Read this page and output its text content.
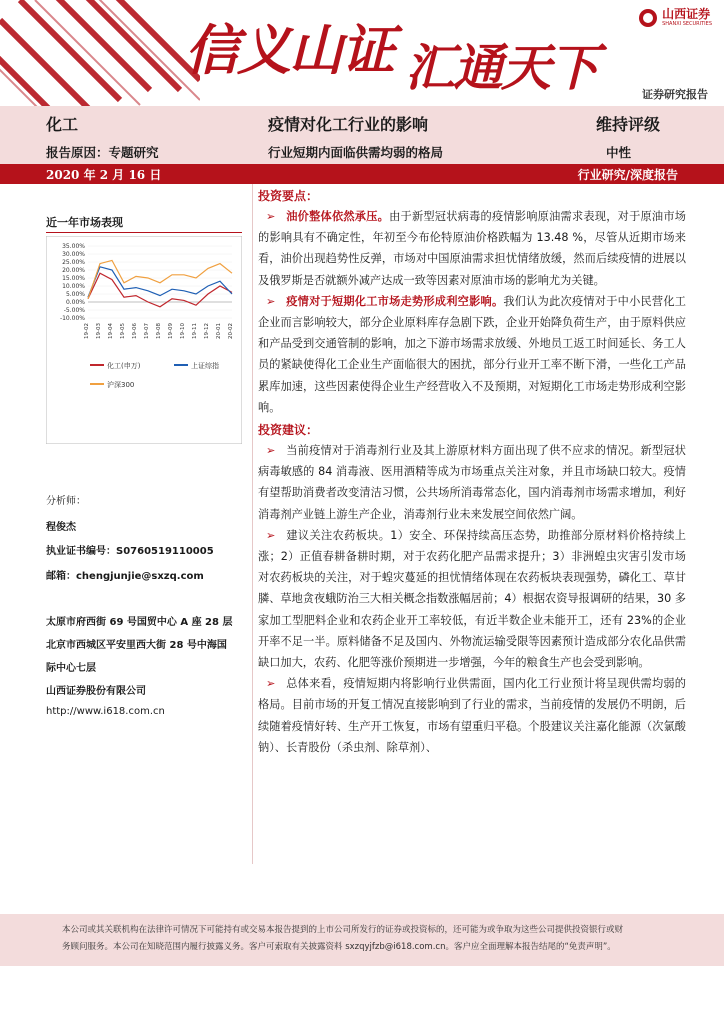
信义山证 汇通天下
山西证券
SHANXI SECURITIES
证券研究报告
化工	疫情对化工行业的影响	维持评级
报告原因：专题研究	行业短期内面临供需均弱的格局	中性
2020 年 2 月 16 日	行业研究/深度报告
近一年市场表现
35.00%
30.00%
25.00%
20.00%
15.00%
10.00%
5.00%
0.00%
-5.00%
-10.00%
19-02 19-03 19-04 19-05 19-06 19-07 19-08 19-09 19-10 19-11 19-12 20-01 20-02
化工(申万)	上证综指
沪深300
分析师：
程俊杰
执业证书编号：S0760519110005
邮箱：chengjunjie@sxzq.com
太原市府西街 69 号国贸中心 A 座 28 层
北京市西城区平安里西大街 28 号中海国
际中心七层
山西证券股份有限公司
http://www.i618.com.cn
投资要点：

➢ 油价整体依然承压。由于新型冠状病毒的疫情影响原油需求表现，对于原油市场的影响具有不确定性，年初至今布伦特原油价格跌幅为 13.48 %，尽管从近期市场来看，油价出现趋势性反弹，市场对中国原油需求担忧情绪放缓，然而后续疫情的进展以及俄罗斯是否就额外减产达成一致等因素对原油市场的影响尤为关键。

➢ 疫情对于短期化工市场走势形成利空影响。我们认为此次疫情对于中小民营化工企业而言影响较大，部分企业原料库存急剧下跌，企业开始降负荷生产，由于原料供应和产品受到交通管制的影响，加之下游市场需求放缓、外地员工返工时间延长、务工人员的紧缺使得化工企业生产面临很大的困扰，部分行业开工率不断下滑，一些化工产品累库加速，这些因素使得企业生产经营收入不及预期，对短期化工市场走势形成利空影响。

投资建议：

➢ 当前疫情对于消毒剂行业及其上游原材料方面出现了供不应求的情况。新型冠状病毒敏感的 84 消毒液、医用酒精等成为市场重点关注对象，并且市场缺口较大。疫情有望帮助消费者改变清洁习惯，公共场所消毒常态化，国内消毒剂市场需求增加，利好消毒剂产业链上游生产企业，消毒剂行业未来发展空间依然广阔。

➢ 建议关注农药板块。1）安全、环保持续高压态势，助推部分原材料价格持续上涨；2）正值春耕备耕时期，对于农药化肥产品需求提升；3）非洲蝗虫灾害引发市场对农药板块的关注，对于蝗灾蔓延的担忧情绪体现在农药板块表现强势，磷化工、草甘膦、草地贪夜蛾防治三大相关概念指数涨幅居前；4）根据农资导报调研的结果，30 多家加工型肥料企业和农药企业开工率较低，有近半数企业未能开工，还有 23%的企业开率不足一半。原料储备不足及国内、外物流运输受限等因素预计造成部分农化品供需缺口加大，农药、化肥等涨价预期进一步增强，今年的粮食生产也会受到影响。

➢ 总体来看，疫情短期内将影响行业供需面，国内化工行业预计将呈现供需均弱的格局。目前市场的开复工情况直接影响到了行业的需求，当前疫情的发展仍不明朗，后续随着疫情好转、生产开工恢复，市场有望重归平稳。个股建议关注嘉化能源（次氯酸钠）、长青股份（杀虫剂、除草剂）、

本公司或其关联机构在法律许可情况下可能持有或交易本报告提到的上市公司所发行的证券或投资标的，还可能为或争取为这些公司提供投资银行或财

务顾问服务。本公司在知晓范围内履行披露义务。客户可索取有关披露资料 sxzqyjfzb@i618.com.cn。客户应全面理解本报告结尾的“免责声明”。
